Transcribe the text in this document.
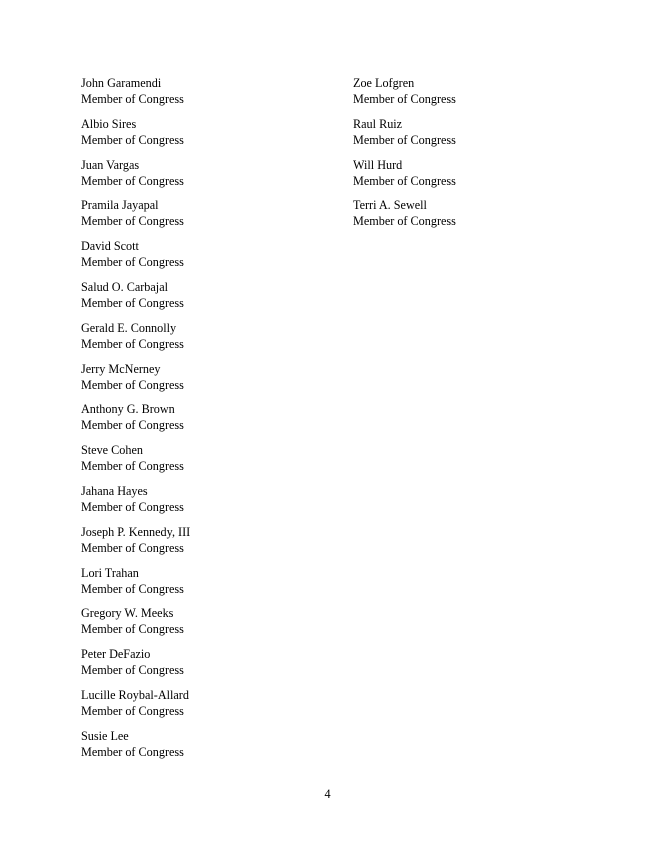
John Garamendi
Member of Congress
Albio Sires
Member of Congress
Juan Vargas
Member of Congress
Pramila Jayapal
Member of Congress
David Scott
Member of Congress
Salud O. Carbajal
Member of Congress
Gerald E. Connolly
Member of Congress
Jerry McNerney
Member of Congress
Anthony G. Brown
Member of Congress
Steve Cohen
Member of Congress
Jahana Hayes
Member of Congress
Joseph P. Kennedy, III
Member of Congress
Lori Trahan
Member of Congress
Gregory W. Meeks
Member of Congress
Peter DeFazio
Member of Congress
Lucille Roybal-Allard
Member of Congress
Susie Lee
Member of Congress
Zoe Lofgren
Member of Congress
Raul Ruiz
Member of Congress
Will Hurd
Member of Congress
Terri A. Sewell
Member of Congress
4
